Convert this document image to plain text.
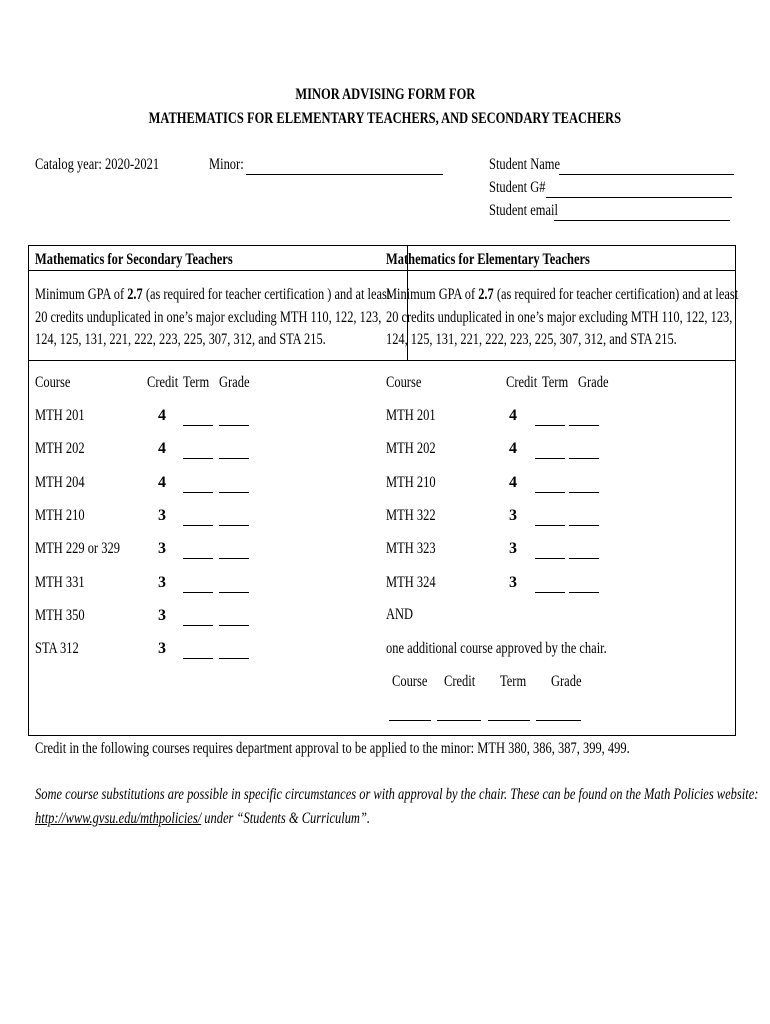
MINOR ADVISING FORM FOR
MATHEMATICS FOR ELEMENTARY TEACHERS, AND SECONDARY TEACHERS
Catalog year: 2020-2021	Minor:	Student Name
Student G#
Student email
Mathematics for Secondary Teachers
Minimum GPA of 2.7 (as required for teacher certification ) and at least
20 credits unduplicated in one’s major excluding MTH 110, 122, 123,
124, 125, 131, 221, 222, 223, 225, 307, 312, and STA 215.
Course	Credit Term Grade
MTH 201	4
MTH 202	4
MTH 204	4
MTH 210	3
MTH 229 or 329	3
MTH 331	3
MTH 350	3
STA 312	3
Mathematics for Elementary Teachers
Minimum GPA of 2.7 (as required for teacher certification) and at least
20 credits unduplicated in one’s major excluding MTH 110, 122, 123,
124, 125, 131, 221, 222, 223, 225, 307, 312, and STA 215.
Course	Credit Term Grade
MTH 201	4
MTH 202	4
MTH 210	4
MTH 322	3
MTH 323	3
MTH 324	3
AND
one additional course approved by the chair.
Course	Credit	Term	Grade
Credit in the following courses requires department approval to be applied to the minor: MTH 380, 386, 387, 399, 499.
Some course substitutions are possible in specific circumstances or with approval by the chair. These can be found on the Math Policies website:
http://www.gvsu.edu/mthpolicies/ under “Students & Curriculum”.
